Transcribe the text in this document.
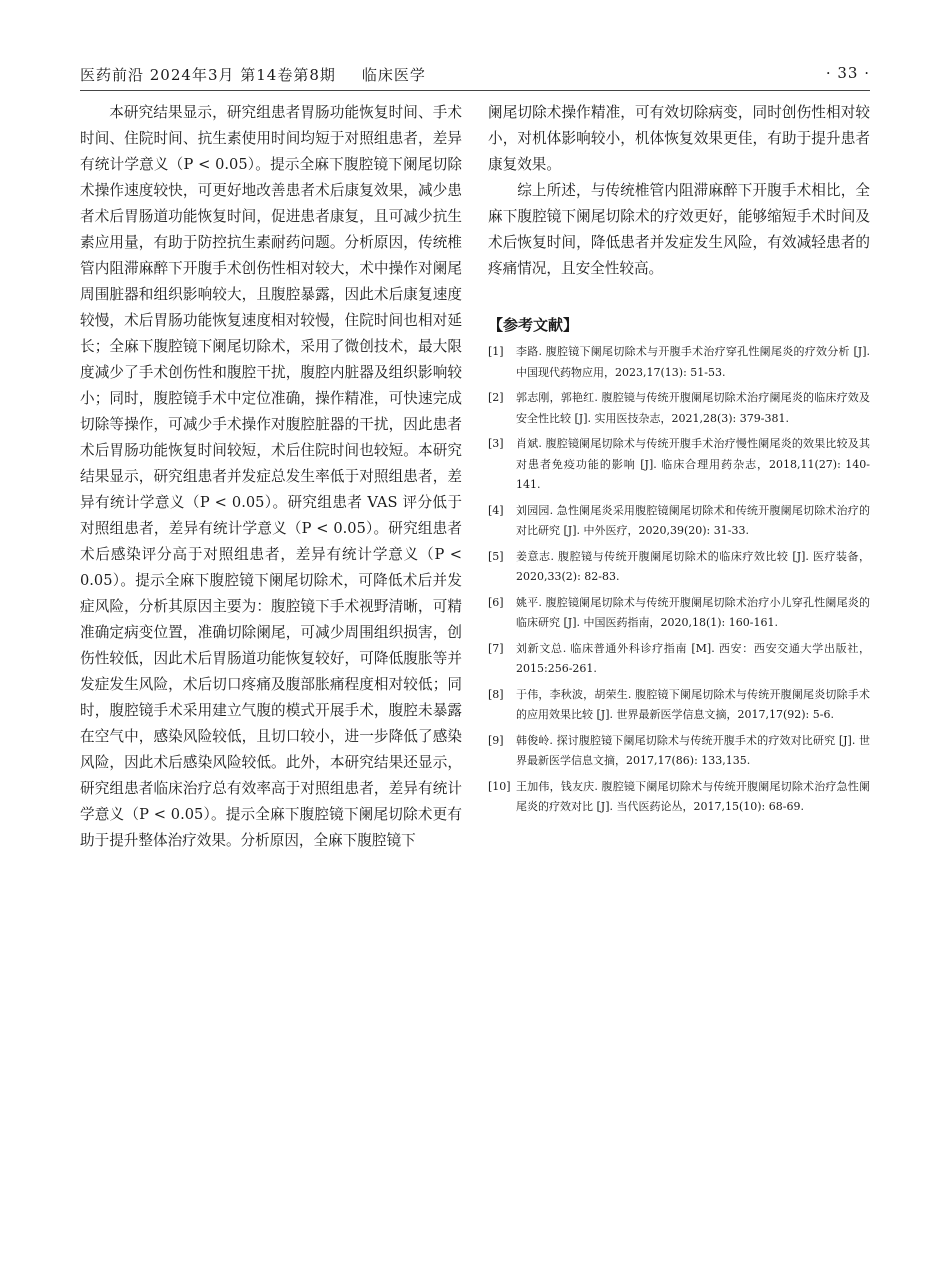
医药前沿 2024年3月 第14卷第8期 临床医学	· 33 ·

本研究结果显示，研究组患者胃肠功能恢复时间、手术时间、住院时间、抗生素使用时间均短于对照组患者，差异有统计学意义（P < 0.05）。提示全麻下腹腔镜下阑尾切除术操作速度较快，可更好地改善患者术后康复效果，减少患者术后胃肠道功能恢复时间，促进患者康复，且可减少抗生素应用量，有助于防控抗生素耐药问题。分析原因，传统椎管内阻滞麻醉下开腹手术创伤性相对较大，术中操作对阑尾周围脏器和组织影响较大，且腹腔暴露，因此术后康复速度较慢，术后胃肠功能恢复速度相对较慢，住院时间也相对延长；全麻下腹腔镜下阑尾切除术，采用了微创技术，最大限度减少了手术创伤性和腹腔干扰，腹腔内脏器及组织影响较小；同时，腹腔镜手术中定位准确，操作精准，可快速完成切除等操作，可减少手术操作对腹腔脏器的干扰，因此患者术后胃肠功能恢复时间较短，术后住院时间也较短。本研究结果显示，研究组患者并发症总发生率低于对照组患者，差异有统计学意义（P < 0.05）。研究组患者 VAS 评分低于对照组患者，差异有统计学意义（P < 0.05）。研究组患者术后感染评分高于对照组患者，差异有统计学意义（P < 0.05）。提示全麻下腹腔镜下阑尾切除术，可降低术后并发症风险，分析其原因主要为：腹腔镜下手术视野清晰，可精准确定病变位置，准确切除阑尾，可减少周围组织损害，创伤性较低，因此术后胃肠道功能恢复较好，可降低腹胀等并发症发生风险，术后切口疼痛及腹部胀痛程度相对较低；同时，腹腔镜手术采用建立气腹的模式开展手术，腹腔未暴露在空气中，感染风险较低，且切口较小，进一步降低了感染风险，因此术后感染风险较低。此外，本研究结果还显示，研究组患者临床治疗总有效率高于对照组患者，差异有统计学意义（P < 0.05）。提示全麻下腹腔镜下阑尾切除术更有助于提升整体治疗效果。分析原因，全麻下腹腔镜下

阑尾切除术操作精准，可有效切除病变，同时创伤性相对较小，对机体影响较小，机体恢复效果更佳，有助于提升患者康复效果。

综上所述，与传统椎管内阻滞麻醉下开腹手术相比，全麻下腹腔镜下阑尾切除术的疗效更好，能够缩短手术时间及术后恢复时间，降低患者并发症发生风险，有效减轻患者的疼痛情况，且安全性较高。

【参考文献】
[1] 李路. 腹腔镜下阑尾切除术与开腹手术治疗穿孔性阑尾炎的疗效分析 [J]. 中国现代药物应用，2023,17(13): 51-53.
[2] 郭志刚，郭艳红. 腹腔镜与传统开腹阑尾切除术治疗阑尾炎的临床疗效及安全性比较 [J]. 实用医技杂志，2021,28(3): 379-381.
[3] 肖斌. 腹腔镜阑尾切除术与传统开腹手术治疗慢性阑尾炎的效果比较及其对患者免疫功能的影响 [J]. 临床合理用药杂志，2018,11(27): 140-141.
[4] 刘园园. 急性阑尾炎采用腹腔镜阑尾切除术和传统开腹阑尾切除术治疗的对比研究 [J]. 中外医疗，2020,39(20): 31-33.
[5] 姜意志. 腹腔镜与传统开腹阑尾切除术的临床疗效比较 [J]. 医疗装备，2020,33(2): 82-83.
[6] 姚平. 腹腔镜阑尾切除术与传统开腹阑尾切除术治疗小儿穿孔性阑尾炎的临床研究 [J]. 中国医药指南，2020,18(1): 160-161.
[7] 刘新文总. 临床普通外科诊疗指南 [M]. 西安：西安交通大学出版社，2015:256-261.
[8] 于伟，李秋波，胡荣生. 腹腔镜下阑尾切除术与传统开腹阑尾炎切除手术的应用效果比较 [J]. 世界最新医学信息文摘，2017,17(92): 5-6.
[9] 韩俊岭. 探讨腹腔镜下阑尾切除术与传统开腹手术的疗效对比研究 [J]. 世界最新医学信息文摘，2017,17(86): 133,135.
[10] 王加伟，钱友庆. 腹腔镜下阑尾切除术与传统开腹阑尾切除术治疗急性阑尾炎的疗效对比 [J]. 当代医药论丛，2017,15(10): 68-69.
